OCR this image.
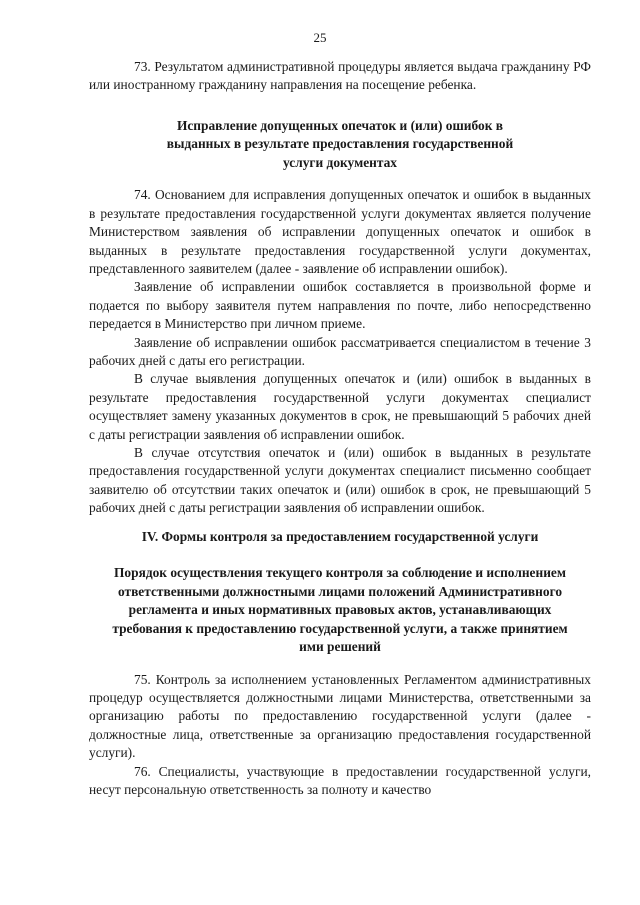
25

73. Результатом административной процедуры является выдача гражданину РФ или иностранному гражданину направления на посещение ребенка.

Исправление допущенных опечаток и (или) ошибок в выданных в результате предоставления государственной услуги документах

74. Основанием для исправления допущенных опечаток и ошибок в выданных в результате предоставления государственной услуги документах является получение Министерством заявления об исправлении допущенных опечаток и ошибок в выданных в результате предоставления государственной услуги документах, представленного заявителем (далее - заявление об исправлении ошибок).

Заявление об исправлении ошибок составляется в произвольной форме и подается по выбору заявителя путем направления по почте, либо непосредственно передается в Министерство при личном приеме.

Заявление об исправлении ошибок рассматривается специалистом в течение 3 рабочих дней с даты его регистрации.

В случае выявления допущенных опечаток и (или) ошибок в выданных в результате предоставления государственной услуги документах специалист осуществляет замену указанных документов в срок, не превышающий 5 рабочих дней с даты регистрации заявления об исправлении ошибок.

В случае отсутствия опечаток и (или) ошибок в выданных в результате предоставления государственной услуги документах специалист письменно сообщает заявителю об отсутствии таких опечаток и (или) ошибок в срок, не превышающий 5 рабочих дней с даты регистрации заявления об исправлении ошибок.

IV. Формы контроля за предоставлением государственной услуги

Порядок осуществления текущего контроля за соблюдение и исполнением ответственными должностными лицами положений Административного регламента и иных нормативных правовых актов, устанавливающих требования к предоставлению государственной услуги, а также принятием ими решений

75. Контроль за исполнением установленных Регламентом административных процедур осуществляется должностными лицами Министерства, ответственными за организацию работы по предоставлению государственной услуги (далее - должностные лица, ответственные за организацию предоставления государственной услуги).

76. Специалисты, участвующие в предоставлении государственной услуги, несут персональную ответственность за полноту и качество
